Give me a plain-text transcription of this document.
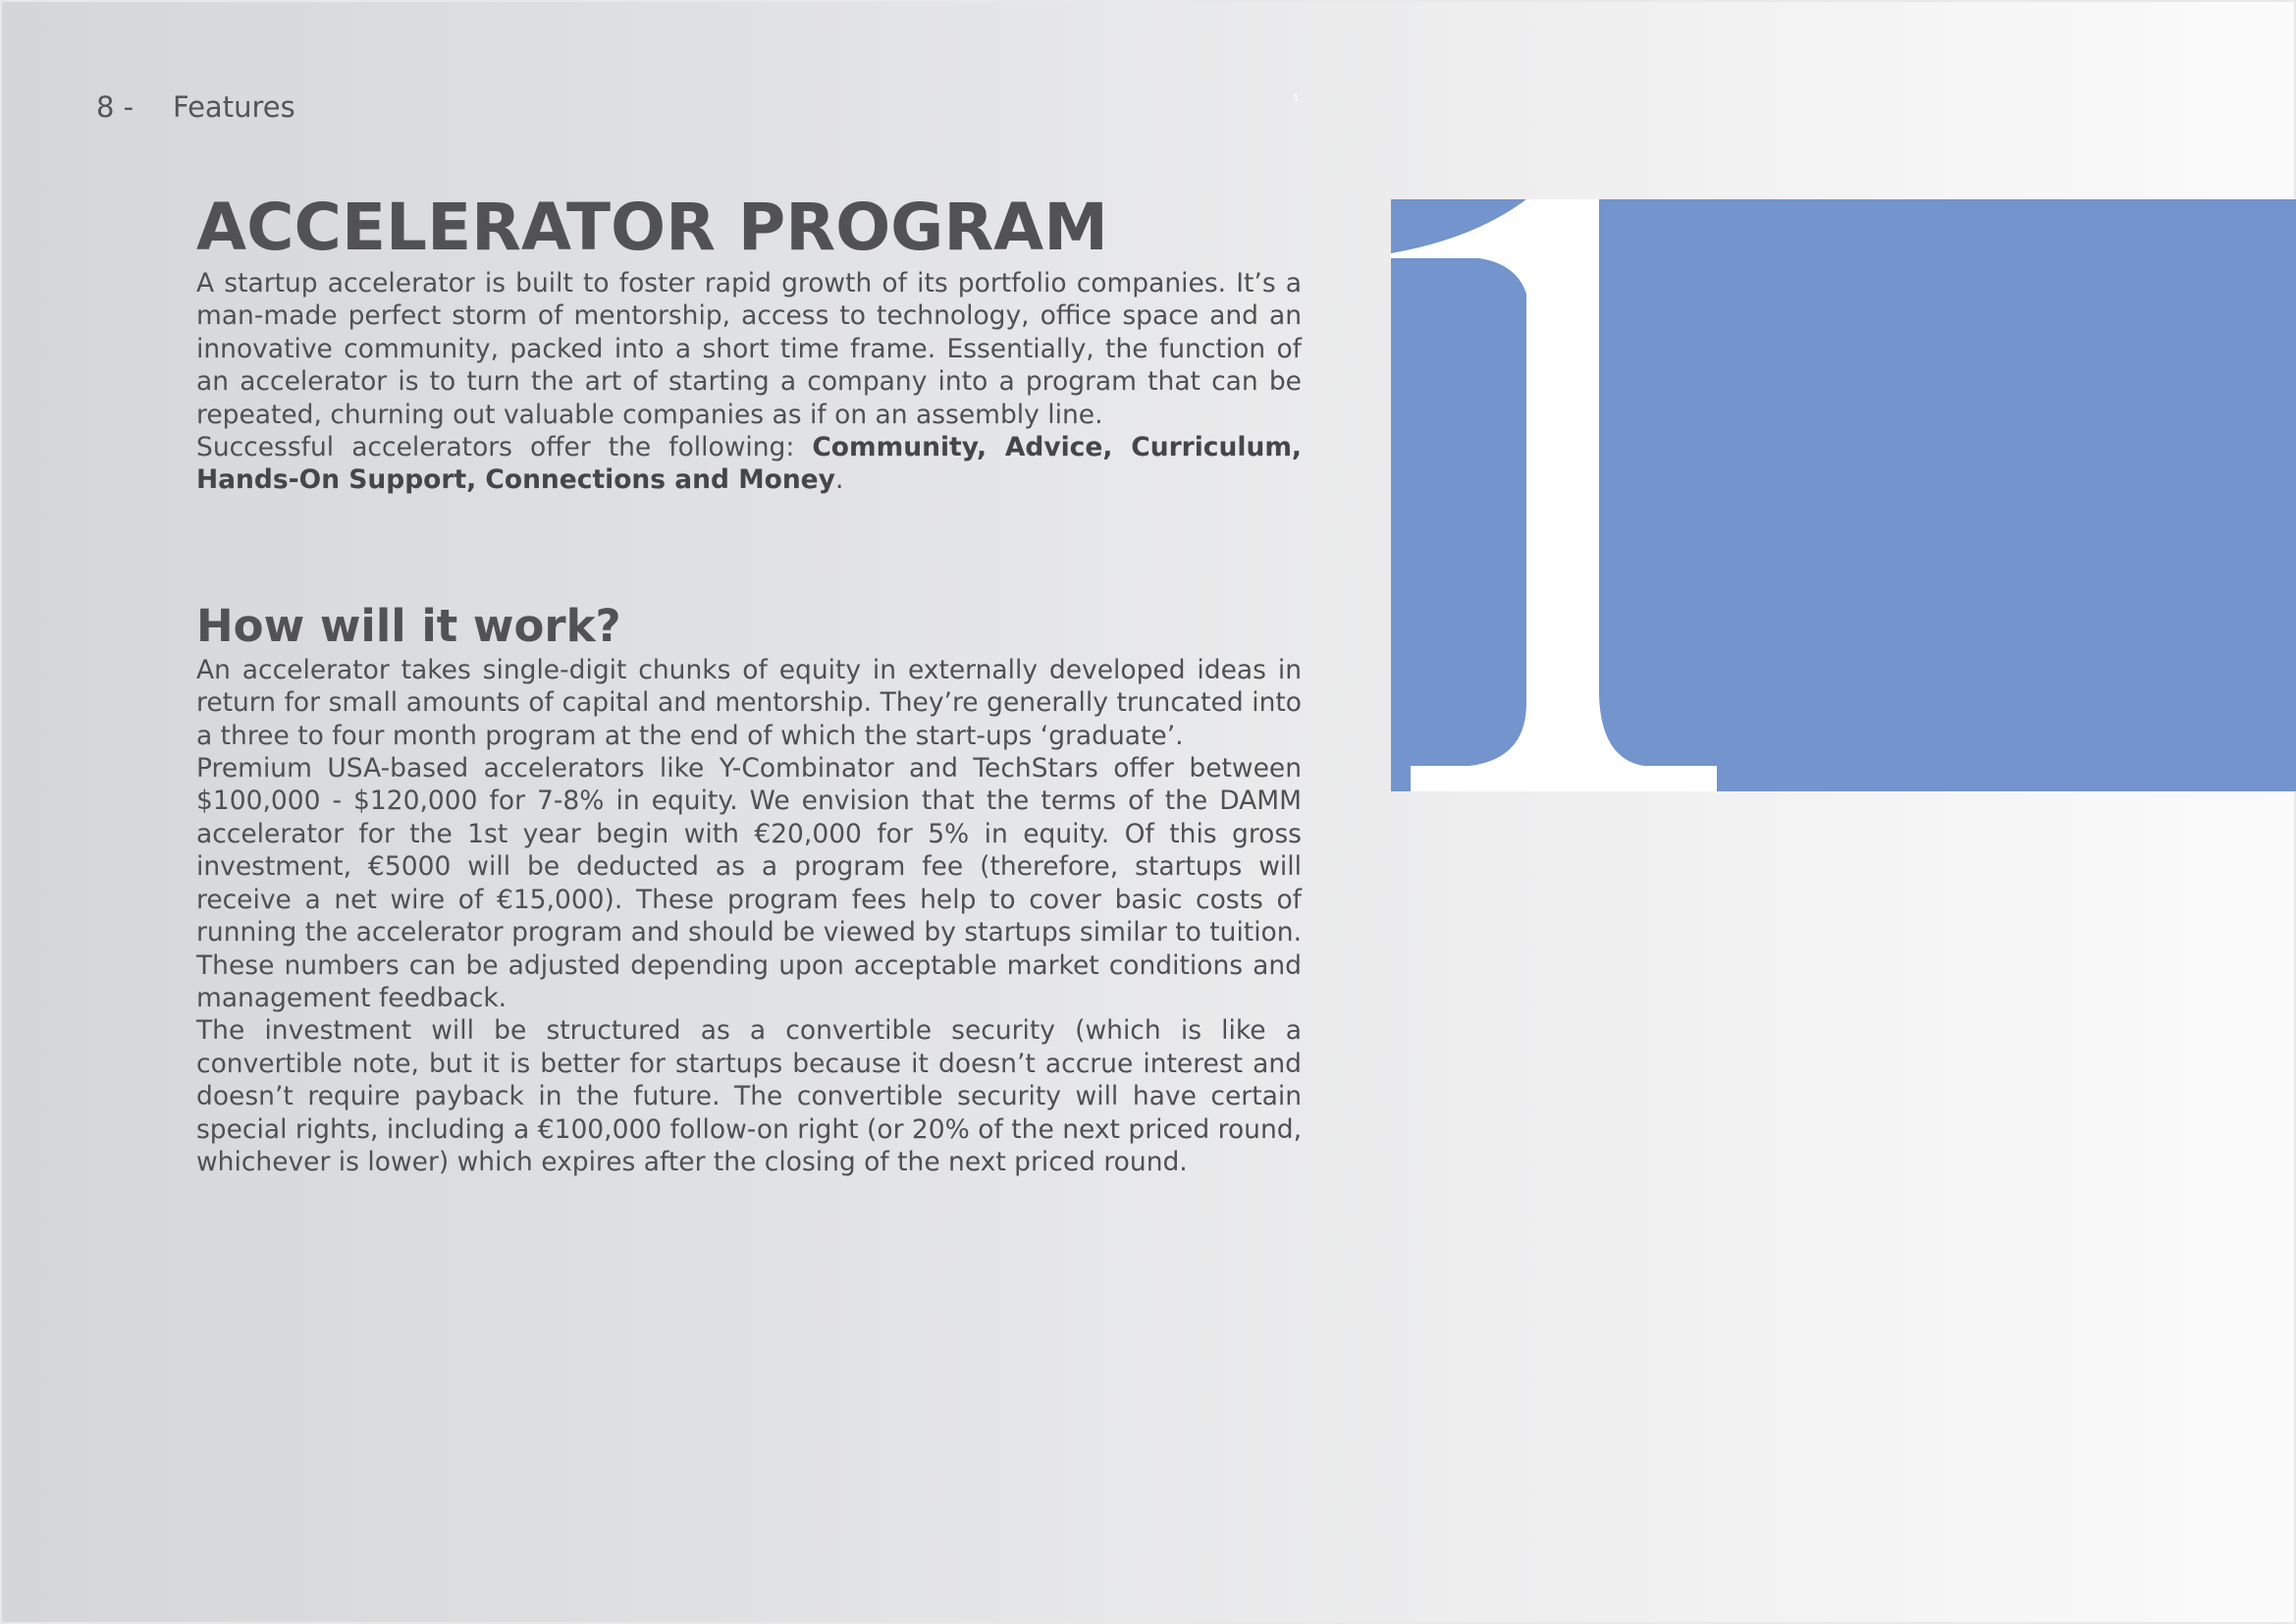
8 - Features
ACCELERATOR PROGRAM

A startup accelerator is built to foster rapid growth of its portfolio companies. It’s a man-made perfect storm of mentorship, access to technology, office space and an innovative community, packed into a short time frame. Essentially, the function of an accelerator is to turn the art of starting a company into a program that can be repeated, churning out valuable companies as if on an assembly line.

Successful accelerators offer the following: Community, Advice, Curriculum, Hands-On Support, Connections and Money.

How will it work?

An accelerator takes single-digit chunks of equity in externally developed ideas in return for small amounts of capital and mentorship. They’re generally truncated into a three to four month program at the end of which the start-ups ‘graduate’.

Premium USA-based accelerators like Y-Combinator and TechStars offer between $100,000 - $120,000 for 7-8% in equity. We envision that the terms of the DAMM accelerator for the 1st year begin with €20,000 for 5% in equity. Of this gross investment, €5000 will be deducted as a program fee (therefore, startups will receive a net wire of €15,000). These program fees help to cover basic costs of running the accelerator program and should be viewed by startups similar to tuition. These numbers can be adjusted depending upon acceptable market conditions and management feedback.

The investment will be structured as a convertible security (which is like a convertible note, but it is better for startups because it doesn’t accrue interest and doesn’t require payback in the future. The convertible security will have certain special rights, including a €100,000 follow-on right (or 20% of the next priced round, whichever is lower) which expires after the closing of the next priced round.

1
